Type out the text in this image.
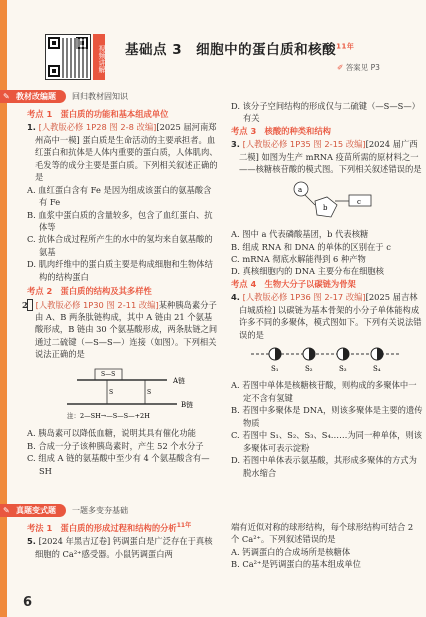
视频讲解 基础点 3　细胞中的蛋白质和核酸$^{11年}$
✐ 答案见 P3
✎ 教材改编题	回归教材固知识
考点 1　蛋白质的功能和基本组成单位
1. [人教版必修 1P28 图 2-8 改编][2025 届河南郑州高中一模] 蛋白质是生命活动的主要承担者。血红蛋白和抗体是人体内重要的蛋白质，人体肌肉、毛发等的成分主要是蛋白质。下列相关叙述正确的是
A. 血红蛋白含有 Fe 是因为组成该蛋白的氨基酸含有 Fe
B. 血浆中蛋白质的含量较多，包含了血红蛋白、抗体等
C. 抗体合成过程所产生的水中的氢均来自氨基酸的氨基
D. 肌肉纤维中的蛋白质主要是构成细胞和生物体结构的结构蛋白
考点 2　蛋白质的结构及其多样性
2 [人教版必修 1P30 图 2-11 改编]某种胰岛素分子由 A、B 两条肽链构成，其中 A 链由 21 个氨基酸形成，B 链由 30 个氨基酸形成，两条肽链之间通过二硫键（—S—S—）连接（如图）。下列相关说法正确的是
S—S
S	S
A链
B链
注：2—SH→—S—S—+2H
A. 胰岛素可以降低血糖，说明其具有催化功能
B. 合成一分子该种胰岛素时，产生 52 个水分子
C. 组成 A 链的氨基酸中至少有 4 个氨基酸含有—SH
D. 该分子空间结构的形成仅与二硫键（—S—S—）有关
考点 3　核酸的种类和结构
3. [人教版必修 1P35 图 2-15 改编][2024 届广西二模] 如图为生产 mRNA 疫苗所需的原材料之一——核糖核苷酸的模式图。下列相关叙述错误的是
a
b
c
A. 图中 a 代表磷酸基团，b 代表核糖
B. 组成 RNA 和 DNA 的单体的区别在于 c
C. mRNA 彻底水解能得到 6 种产物
D. 真核细胞内的 DNA 主要分布在细胞核
考点 4　生物大分子以碳链为骨架
4. [人教版必修 1P36 图 2-17 改编][2025 届吉林白城质检] 以碳链为基本骨架的小分子单体能构成许多不同的多聚体，模式图如下。下列有关说法错误的是
S₁	S₂	S₃	S₄
A. 若图中单体是核糖核苷酸，则构成的多聚体中一定不含有氢键
B. 若图中多聚体是 DNA，则该多聚体是主要的遗传物质
C. 若图中 S₁、S₂、S₃、S₄……为同一种单体，则该多聚体可表示淀粉
D. 若图中单体表示氨基酸，其形成多聚体的方式为脱水缩合
✎ 真题变式题	一题多变夯基础
考法 1　蛋白质的形成过程和结构的分析$^{11年}$
5. [2024 年黑吉辽卷] 钙调蛋白是广泛存在于真核细胞的 Ca²⁺感受器。小鼠钙调蛋白两
端有近似对称的球形结构，每个球形结构可结合 2 个 Ca²⁺。下列叙述错误的是
A. 钙调蛋白的合成场所是核糖体
B. Ca²⁺是钙调蛋白的基本组成单位
6
